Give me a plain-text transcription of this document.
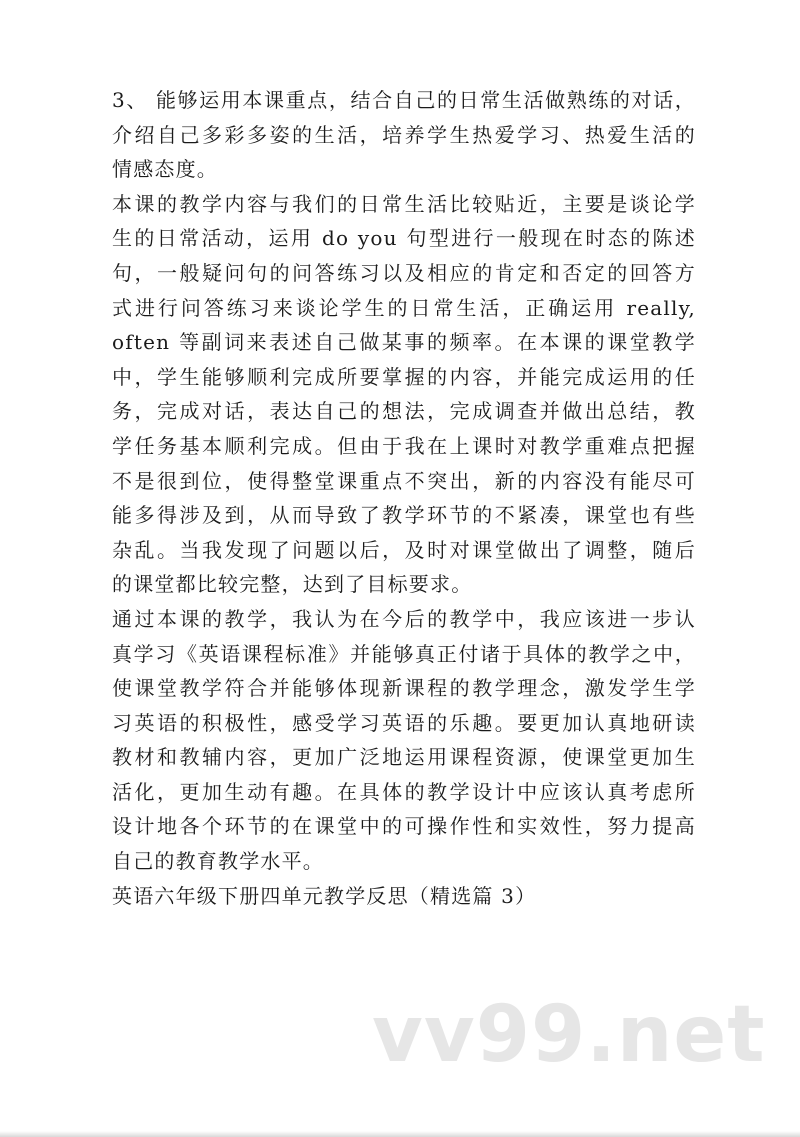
3、 能够运用本课重点，结合自己的日常生活做熟练的对话，
介绍自己多彩多姿的生活，培养学生热爱学习、热爱生活的
情感态度。
本课的教学内容与我们的日常生活比较贴近，主要是谈论学
生的日常活动，运用 do you 句型进行一般现在时态的陈述
句，一般疑问句的问答练习以及相应的肯定和否定的回答方
式进行问答练习来谈论学生的日常生活，正确运用 really,
often 等副词来表述自己做某事的频率。在本课的课堂教学
中，学生能够顺利完成所要掌握的内容，并能完成运用的任
务，完成对话，表达自己的想法，完成调查并做出总结，教
学任务基本顺利完成。但由于我在上课时对教学重难点把握
不是很到位，使得整堂课重点不突出，新的内容没有能尽可
能多得涉及到，从而导致了教学环节的不紧凑，课堂也有些
杂乱。当我发现了问题以后，及时对课堂做出了调整，随后
的课堂都比较完整，达到了目标要求。
通过本课的教学，我认为在今后的教学中，我应该进一步认
真学习《英语课程标准》并能够真正付诸于具体的教学之中，
使课堂教学符合并能够体现新课程的教学理念，激发学生学
习英语的积极性，感受学习英语的乐趣。要更加认真地研读
教材和教辅内容，更加广泛地运用课程资源，使课堂更加生
活化，更加生动有趣。在具体的教学设计中应该认真考虑所
设计地各个环节的在课堂中的可操作性和实效性，努力提高
自己的教育教学水平。
英语六年级下册四单元教学反思（精选篇 3）
vv99.net
